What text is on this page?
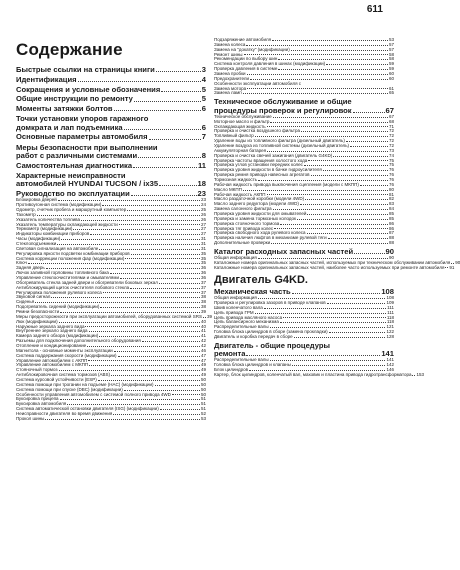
611
Содержание
Быстрые ссылки на страницы книги	3
Идентификация	4
Сокращения и условные обозначения	5
Общие инструкции по ремонту	5
Моменты затяжки болтов	6
Точки установки упоров гаражного
домкрата и лап подъемника	6
Основные параметры автомобиля	7
Меры безопасности при выполнении
работ с различными системами	8
Самостоятельная диагностика	11
Характерные неисправности
автомобилей HYUNDAI TUCSON / ix35	18
Руководство по эксплуатации	23
Блокировка дверей	23
Противоугонная система (модификации)	24
Одометр, счетчик пробега и маршрутный компьютер	25
Тахометр	26
Указатель количества топлива	26
Указатель температуры охлаждающей жидкости	27
Термометр (модификации)	27
Индикаторы комбинации приборов	27
Часы (модификации)	31
Стеклоподъемники	31
Световая сигнализация на автомобиле	31
Регулировка яркости подсветки комбинации приборов	35
Система коррекции положения фар (модификации)	35
Ключ	35
Задняя дверь	36
Лючок заливной горловины топливного бака	36
Управление стеклоочистителями и омывателями	36
Обогреватель стекла задней двери и обогреватели боковых зеркал	37
Антиблокирующий щиток очистителя лобового стекла	37
Регулировка положения рулевого колеса	37
Звуковой сигнал	38
Сиденья	38
Подогреватель сидений (модификации)	38
Ремни безопасности	39
Меры предосторожности при эксплуатации автомобилей, оборудованных системой SRS 39
Люк (модификации)	40
Наружные зеркала заднего вида	40
Внутреннее зеркало заднего вида	41
Камера заднего обзора (модификации)	41
Разъемы для подключения дополнительного оборудования	42
Отопление и кондиционирование	42
Магнитола - основные моменты эксплуатации	46
Система поддержания скорости (модификации)	47
Управление автомобилем с АКПП	47
Управление автомобилем с МКПП	49
Стояночный тормоз	49
Антиблокировочная система тормозов (ABS)	49
Система курсовой устойчивости (ESP)	50
Система помощи при трогании на подъеме (HAC) (модификации)	50
Система помощи при спуске (DBC) (модификации)	50
Особенности управления автомобилем с системой полного привода 4WD	50
Буксировка прицепа	51
Буксировка автомобиля	51
Система автоматической остановки двигателя (ISG) (модификации)	51
Неисправности двигателя во время движения	52
Прокол шины	53
Подзаряжение автомобиля	53
Замена колеса	57
Замена на "докатку" (модификации)	57
Ремонт шины	58
Рекомендации по выбору шин	58
Система контроля давления в шинах (модификации)	59
Проверка давления в системе	59
Замена пробки	60
Предохранители	60
Особенности эксплуатации автомобиля с
Замена мотора	61
Замена ламп	65
Техническое обслуживание и общие
процедуры проверок и регулировок	67
Техническое обслуживание	67
Моторное масло и фильтр	68
Охлаждающая жидкость	71
Проверка и очистка воздушного фильтра	72
Топливный фильтр	72
Удаление воды из топливного фильтра (дизельный двигатель)	72
Удаление воздуха из топливной системы (дизельный двигатель)	72
Аккумуляторная батарея	73
Проверка и очистка свечей зажигания (двигатель G4KD)	74
Проверка частоты вращения холостого хода	75
Проверка углов установки передних колес	75
Проверка уровня жидкости в бачке гидроусилителя	76
Проверка ремня привода навесных агрегатов	76
Тормозная жидкость	76
Рабочая жидкость привода выключения сцепления (модели с МКПП)	76
Масло МКПП	80
Рабочая жидкость АКПП	81
Масло раздаточной коробки (модели 4WD)	82
Масло заднего редуктора (модели 4WD)	83
Замена салонного фильтра	84
Проверка уровня жидкости для омывателей	85
Проверка и замена тормозных колодок	85
Проверка стояночного тормоза	86
Проверка тяг привода колес	86
Проверка свободного хода рулевого колеса	87
Проверка наличия люфтов в механизме рулевой тяги	88
Дополнительные проверки	88
Каталог расходных запасных частей	90
Общая информация	90
Каталожные номера оригинальных запасных частей, используемых при техническом обслуживании автомобиля 90
Каталожные номера оригинальных запасных частей, наиболее часто используемых при ремонте автомобиля 91
Двигатель G4KD.
Механическая часть	108
Общая информация	108
Проверка и регулировка зазоров в приводе клапанов	109
Шкив коленчатого вала	111
Цепь привода ГРМ	111
Цепь привода масляного насоса	118
Цепь балансирного механизма	118
Распределительные валы	121
Головка блока цилиндров в сборе (замена прокладки)	122
Двигатель и коробка передач в сборе	128
Двигатель - общие процедуры
ремонта	141
Распределительные валы	141
Головка блока цилиндров и клапаны	142
Блок цилиндров	146
Картер, блок цилиндров, коленчатый вал, маховик и пластина привода гидротрансформатора 153
